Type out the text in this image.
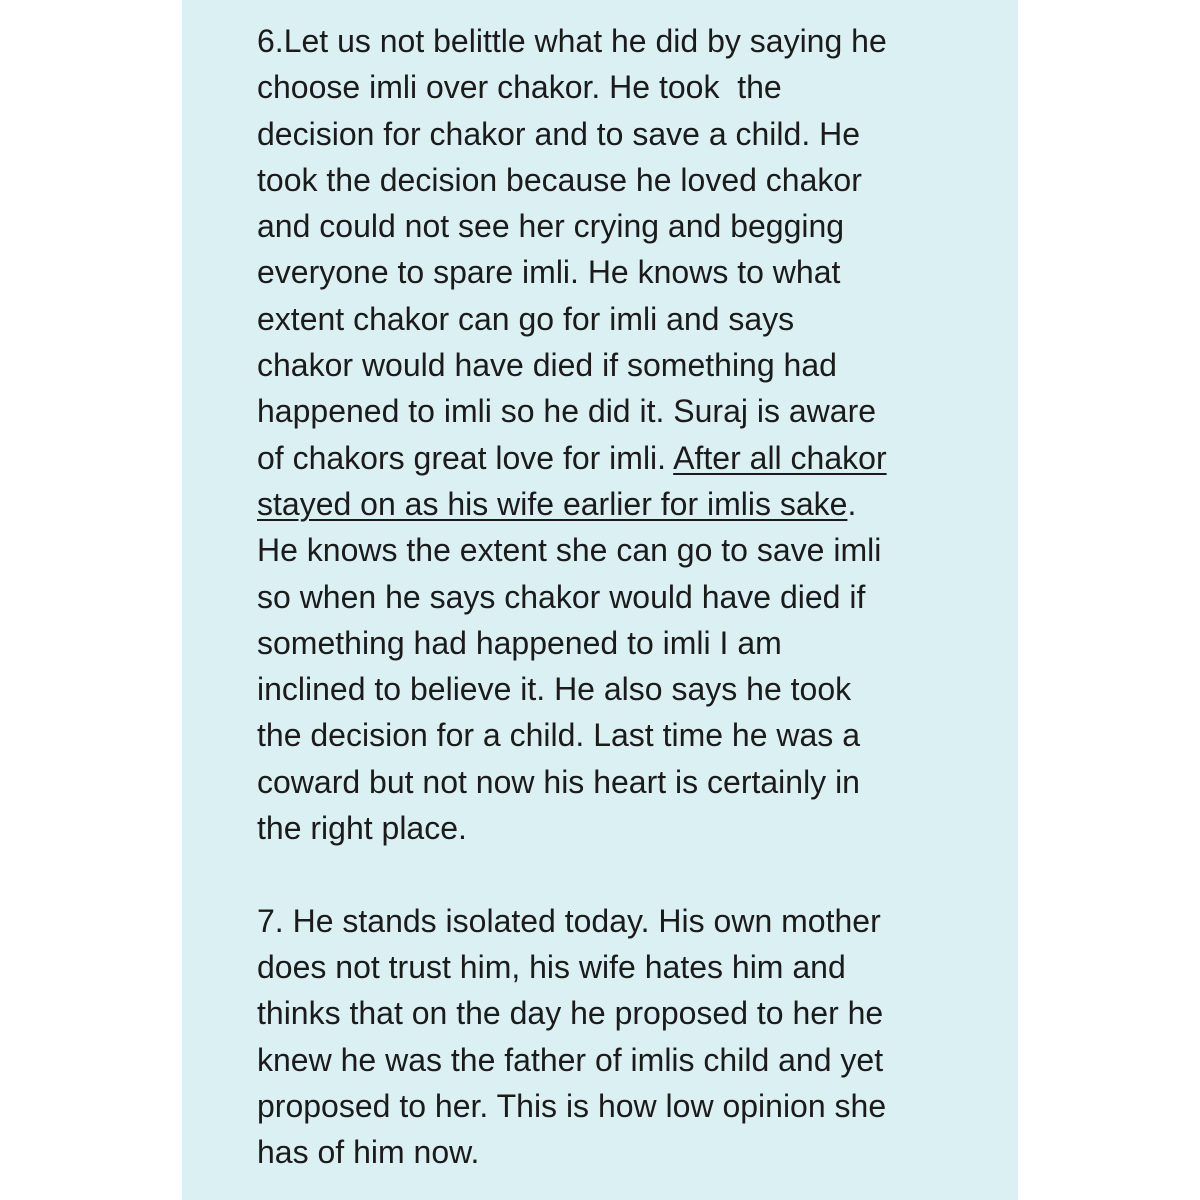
6.Let us not belittle what he did by saying he
choose imli over chakor. He took  the
decision for chakor and to save a child. He
took the decision because he loved chakor
and could not see her crying and begging
everyone to spare imli. He knows to what
extent chakor can go for imli and says
chakor would have died if something had
happened to imli so he did it. Suraj is aware
of chakors great love for imli. After all chakor
stayed on as his wife earlier for imlis sake.
He knows the extent she can go to save imli
so when he says chakor would have died if
something had happened to imli I am
inclined to believe it. He also says he took
the decision for a child. Last time he was a
coward but not now his heart is certainly in
the right place.

7. He stands isolated today. His own mother
does not trust him, his wife hates him and
thinks that on the day he proposed to her he
knew he was the father of imlis child and yet
proposed to her. This is how low opinion she
has of him now.
